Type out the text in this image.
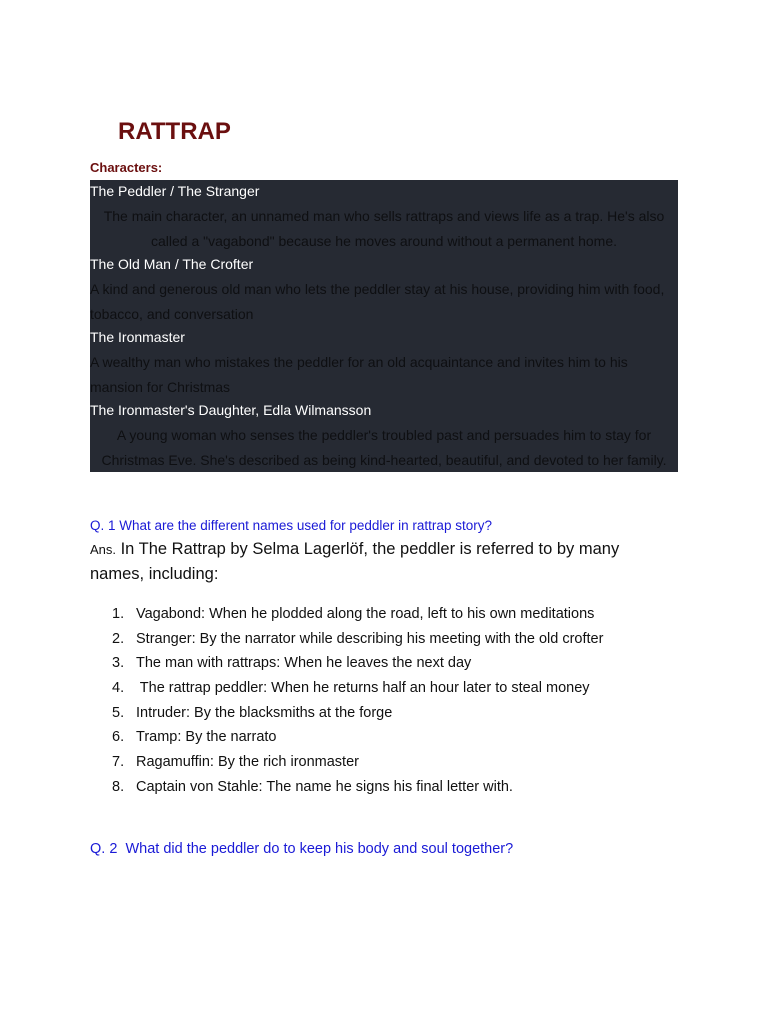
RATTRAP
Characters:
The Peddler / The Stranger
The main character, an unnamed man who sells rattraps and views life as a trap. He's also called a "vagabond" because he moves around without a permanent home.
The Old Man / The Crofter
A kind and generous old man who lets the peddler stay at his house, providing him with food, tobacco, and conversation
The Ironmaster
A wealthy man who mistakes the peddler for an old acquaintance and invites him to his mansion for Christmas
The Ironmaster's Daughter, Edla Wilmansson
A young woman who senses the peddler's troubled past and persuades him to stay for Christmas Eve. She's described as being kind-hearted, beautiful, and devoted to her family.
Q. 1 What are the different names used for peddler in rattrap story?
Ans. In The Rattrap by Selma Lagerlöf, the peddler is referred to by many names, including:
1. Vagabond: When he plodded along the road, left to his own meditations
2. Stranger: By the narrator while describing his meeting with the old crofter
3. The man with rattraps: When he leaves the next day
4. The rattrap peddler: When he returns half an hour later to steal money
5. Intruder: By the blacksmiths at the forge
6. Tramp: By the narrato
7. Ragamuffin: By the rich ironmaster
8. Captain von Stahle: The name he signs his final letter with.
Q. 2  What did the peddler do to keep his body and soul together?
